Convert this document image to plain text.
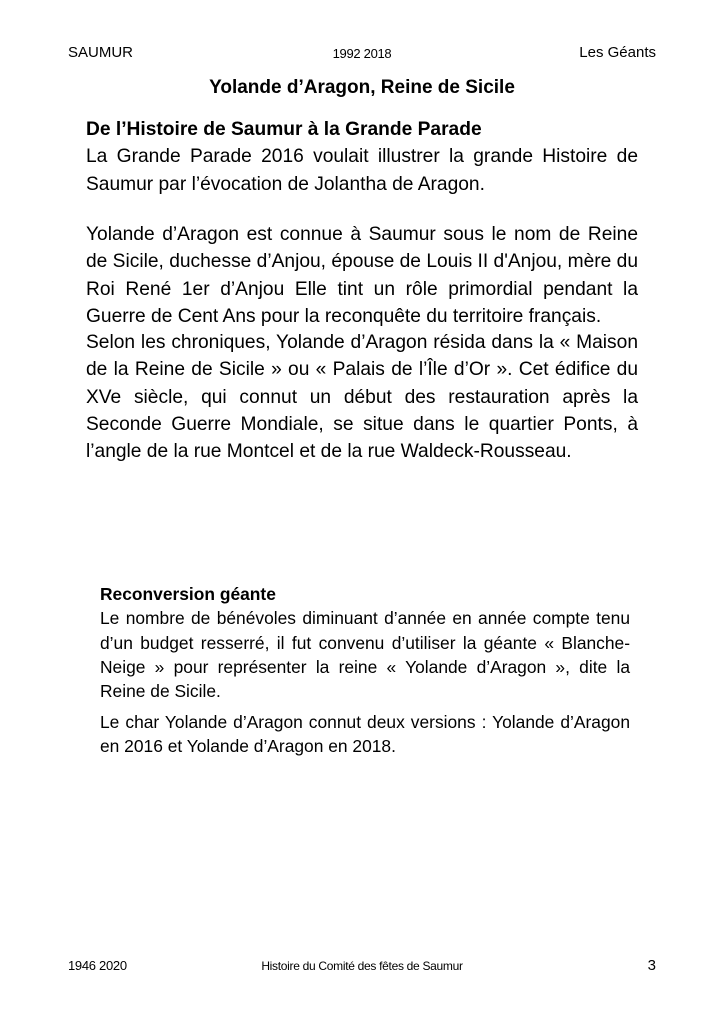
SAUMUR	1992 2018	Les Géants
Yolande d’Aragon, Reine de Sicile
De l’Histoire de Saumur à la Grande Parade

La Grande Parade 2016 voulait illustrer la grande Histoire de Saumur par l’évocation de Jolantha de Aragon.

Yolande d’Aragon est connue à Saumur sous le nom de Reine de Sicile, duchesse d’Anjou, épouse de Louis II d'Anjou, mère du Roi René 1er d’Anjou Elle tint un rôle primordial pendant la Guerre de Cent Ans pour la reconquête du territoire français.

Selon les chroniques, Yolande d’Aragon résida dans la « Maison de la Reine de Sicile » ou « Palais de l’Île d’Or ». Cet édifice du XVe siècle, qui connut un début des restauration après la Seconde Guerre Mondiale, se situe dans le quartier Ponts, à l’angle de la rue Montcel et de la rue Waldeck-Rousseau.

Reconversion géante

Le nombre de bénévoles diminuant d’année en année compte tenu d’un budget resserré, il fut convenu d’utiliser la géante « Blanche-Neige » pour représenter la reine « Yolande d’Aragon », dite la Reine de Sicile.

Le char Yolande d’Aragon connut deux versions : Yolande d’Aragon en 2016 et Yolande d’Aragon en 2018.

1946 2020	Histoire du Comité des fêtes de Saumur	3
